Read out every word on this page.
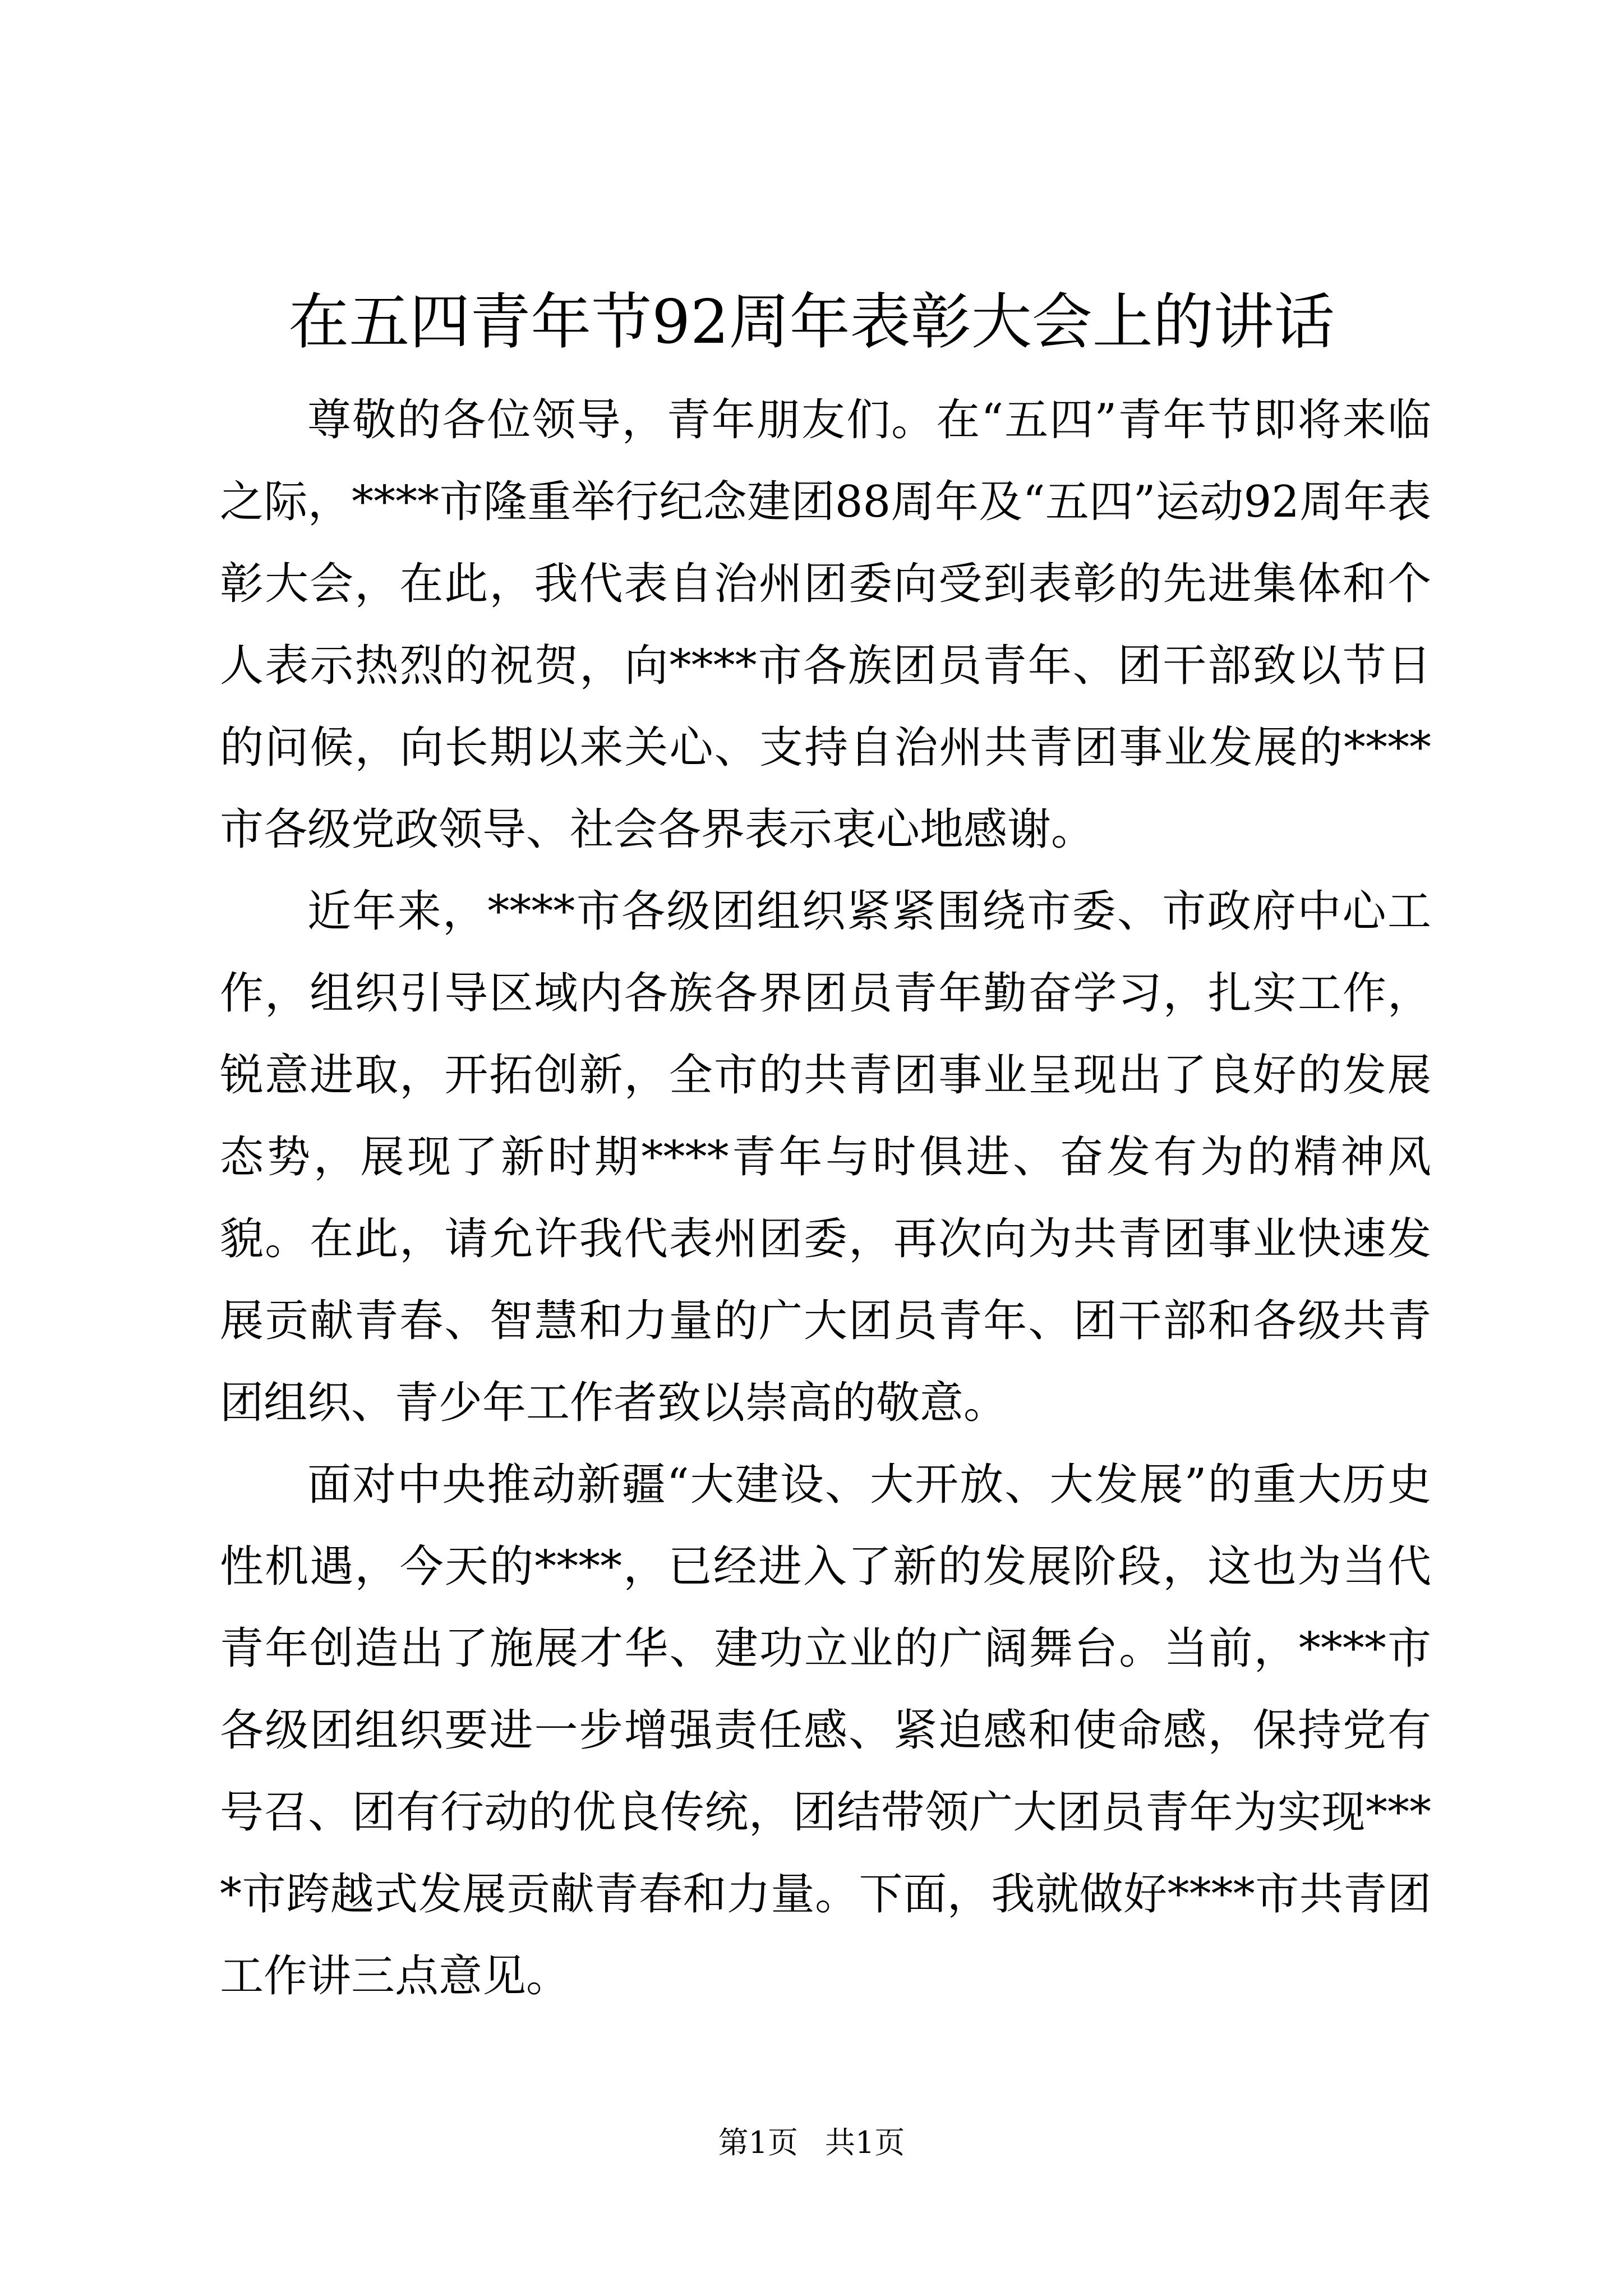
在五四青年节92周年表彰大会上的讲话

尊敬的各位领导，青年朋友们。在“五四”青年节即将来临之际，****市隆重举行纪念建团88周年及“五四”运动92周年表彰大会，在此，我代表自治州团委向受到表彰的先进集体和个人表示热烈的祝贺，向****市各族团员青年、团干部致以节日的问候，向长期以来关心、支持自治州共青团事业发展的****市各级党政领导、社会各界表示衷心地感谢。

近年来，****市各级团组织紧紧围绕市委、市政府中心工作，组织引导区域内各族各界团员青年勤奋学习，扎实工作，锐意进取，开拓创新，全市的共青团事业呈现出了良好的发展态势，展现了新时期****青年与时俱进、奋发有为的精神风貌。在此，请允许我代表州团委，再次向为共青团事业快速发展贡献青春、智慧和力量的广大团员青年、团干部和各级共青团组织、青少年工作者致以崇高的敬意。

面对中央推动新疆“大建设、大开放、大发展”的重大历史性机遇，今天的****，已经进入了新的发展阶段，这也为当代青年创造出了施展才华、建功立业的广阔舞台。当前，****市各级团组织要进一步增强责任感、紧迫感和使命感，保持党有号召、团有行动的优良传统，团结带领广大团员青年为实现****市跨越式发展贡献青春和力量。下面，我就做好****市共青团工作讲三点意见。

第1页 共1页
